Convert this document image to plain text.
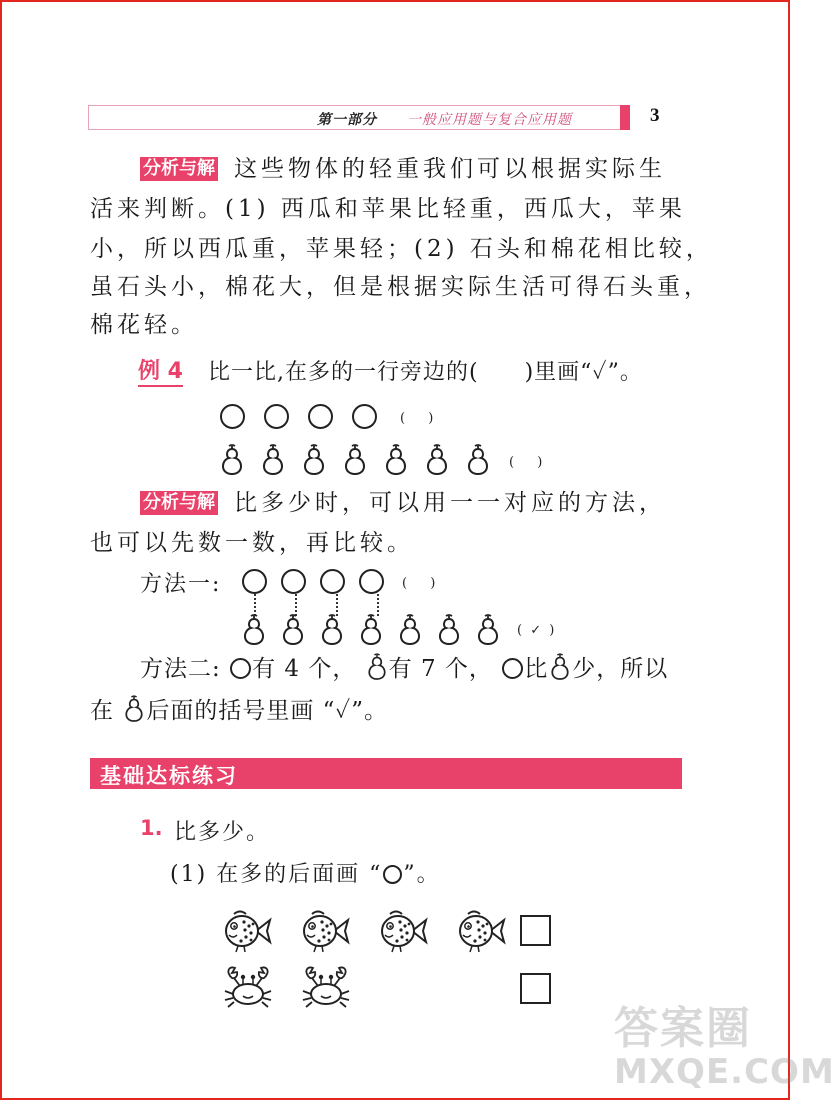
第一部分 一般应用题与复合应用题	3
分析与解 这些物体的轻重我们可以根据实际生
活来判断。(1) 西瓜和苹果比轻重，西瓜大，苹果
小，所以西瓜重，苹果轻；(2) 石头和棉花相比较，
虽石头小，棉花大，但是根据实际生活可得石头重，
棉花轻。
例 4 比一比,在多的一行旁边的(　　)里画“✓”。
(　 )
(　 )
分析与解 比多少时，可以用一一对应的方法，
也可以先数一数，再比较。
方法一:	(　 )
( ✓ )
方法二: 有 4 个， 有 7 个， 比 少，所以
在 后面的括号里画 “✓”。
基础达标练习
1. 比多少。
(1) 在多的后面画 “ ”。
答案圈
MXQE.COM
